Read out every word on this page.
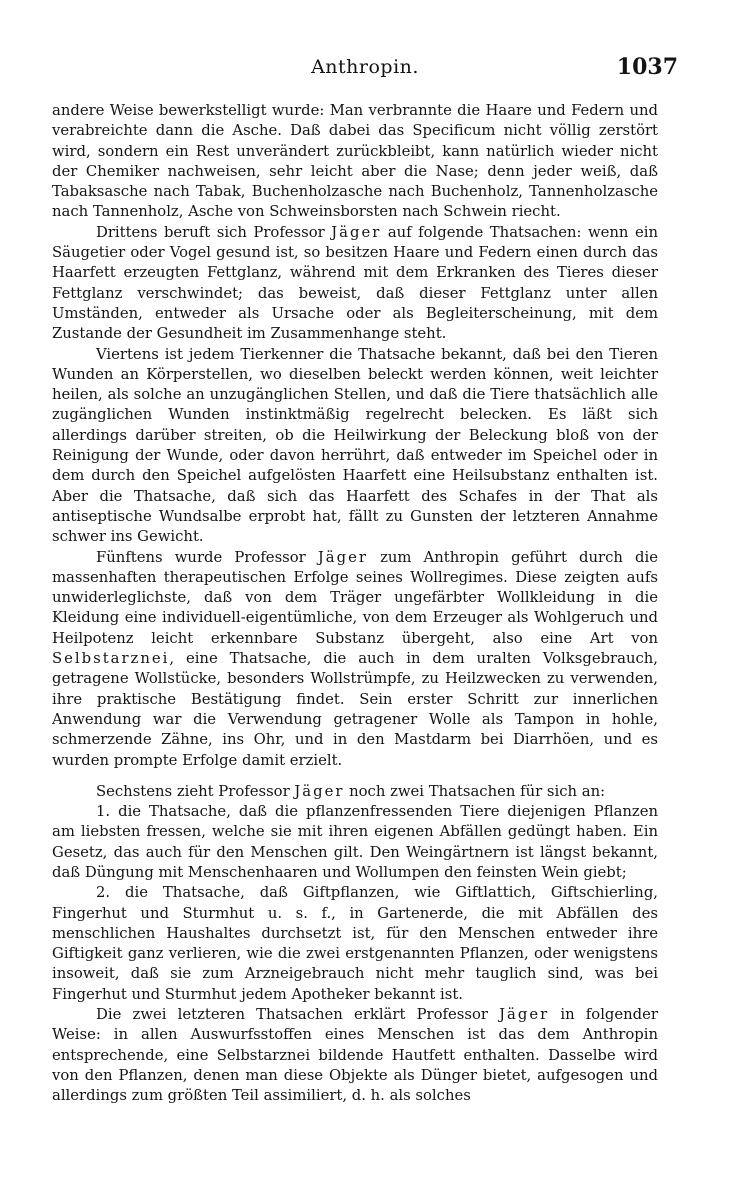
Anthropin.	1037

andere Weise bewerkstelligt wurde: Man verbrannte die Haare und Federn und verabreichte dann die Asche. Daß dabei das Specificum nicht völlig zerstört wird, sondern ein Rest unverändert zurückbleibt, kann natürlich wieder nicht der Chemiker nachweisen, sehr leicht aber die Nase; denn jeder weiß, daß Tabaksasche nach Tabak, Buchenholzasche nach Buchenholz, Tannenholzasche nach Tannenholz, Asche von Schweinsborsten nach Schwein riecht.

Drittens beruft sich Professor Jäger auf folgende Thatsachen: wenn ein Säugetier oder Vogel gesund ist, so besitzen Haare und Federn einen durch das Haarfett erzeugten Fettglanz, während mit dem Erkranken des Tieres dieser Fettglanz verschwindet; das beweist, daß dieser Fettglanz unter allen Umständen, entweder als Ursache oder als Begleiterscheinung, mit dem Zustande der Gesundheit im Zusammenhange steht.

Viertens ist jedem Tierkenner die Thatsache bekannt, daß bei den Tieren Wunden an Körperstellen, wo dieselben beleckt werden können, weit leichter heilen, als solche an unzugänglichen Stellen, und daß die Tiere thatsächlich alle zugänglichen Wunden instinktmäßig regelrecht belecken. Es läßt sich allerdings darüber streiten, ob die Heilwirkung der Beleckung bloß von der Reinigung der Wunde, oder davon herrührt, daß entweder im Speichel oder in dem durch den Speichel aufgelösten Haarfett eine Heilsubstanz enthalten ist. Aber die Thatsache, daß sich das Haarfett des Schafes in der That als antiseptische Wundsalbe erprobt hat, fällt zu Gunsten der letzteren Annahme schwer ins Gewicht.

Fünftens wurde Professor Jäger zum Anthropin geführt durch die massenhaften therapeutischen Erfolge seines Wollregimes. Diese zeigten aufs unwiderleglichste, daß von dem Träger ungefärbter Wollkleidung in die Kleidung eine individuell-eigentümliche, von dem Erzeuger als Wohlgeruch und Heilpotenz leicht erkennbare Substanz übergeht, also eine Art von Selbstarznei, eine Thatsache, die auch in dem uralten Volksgebrauch, getragene Wollstücke, besonders Wollstrümpfe, zu Heilzwecken zu verwenden, ihre praktische Bestätigung findet. Sein erster Schritt zur innerlichen Anwendung war die Verwendung getragener Wolle als Tampon in hohle, schmerzende Zähne, ins Ohr, und in den Mastdarm bei Diarrhöen, und es wurden prompte Erfolge damit erzielt.

Sechstens zieht Professor Jäger noch zwei Thatsachen für sich an:

1. die Thatsache, daß die pflanzenfressenden Tiere diejenigen Pflanzen am liebsten fressen, welche sie mit ihren eigenen Abfällen gedüngt haben. Ein Gesetz, das auch für den Menschen gilt. Den Weingärtnern ist längst bekannt, daß Düngung mit Menschenhaaren und Wollumpen den feinsten Wein giebt;

2. die Thatsache, daß Giftpflanzen, wie Giftlattich, Giftschierling, Fingerhut und Sturmhut u. s. f., in Gartenerde, die mit Abfällen des menschlichen Haushaltes durchsetzt ist, für den Menschen entweder ihre Giftigkeit ganz verlieren, wie die zwei erstgenannten Pflanzen, oder wenigstens insoweit, daß sie zum Arzneigebrauch nicht mehr tauglich sind, was bei Fingerhut und Sturmhut jedem Apotheker bekannt ist.

Die zwei letzteren Thatsachen erklärt Professor Jäger in folgender Weise: in allen Auswurfsstoffen eines Menschen ist das dem Anthropin entsprechende, eine Selbstarznei bildende Hautfett enthalten. Dasselbe wird von den Pflanzen, denen man diese Objekte als Dünger bietet, aufgesogen und allerdings zum größten Teil assimiliert, d. h. als solches
